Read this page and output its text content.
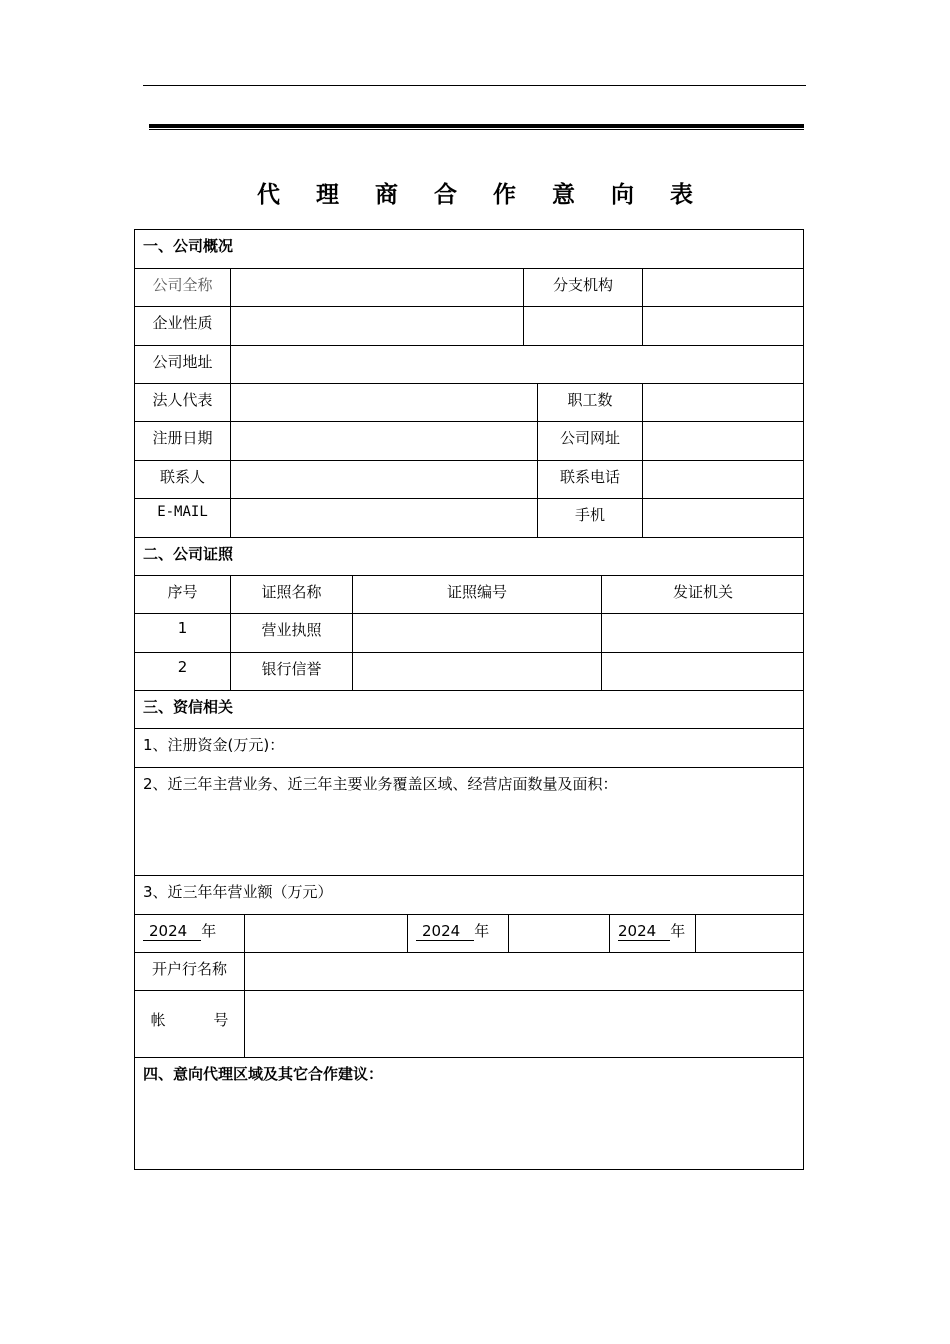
代 理 商 合 作 意 向 表
一、公司概况
公司全称	分支机构
企业性质
公司地址
法人代表	职工数
注册日期	公司网址
联系人	联系电话
E-MAIL	手机
二、公司证照
序号	证照名称	证照编号	发证机关
1	营业执照
2	银行信誉
三、资信相关
1、注册资金(万元)：
2、近三年主营业务、近三年主要业务覆盖区域、经营店面数量及面积：
3、近三年年营业额（万元）
2024 年	2024 年	2024 年
开户行名称
帐          号
四、意向代理区域及其它合作建议：
